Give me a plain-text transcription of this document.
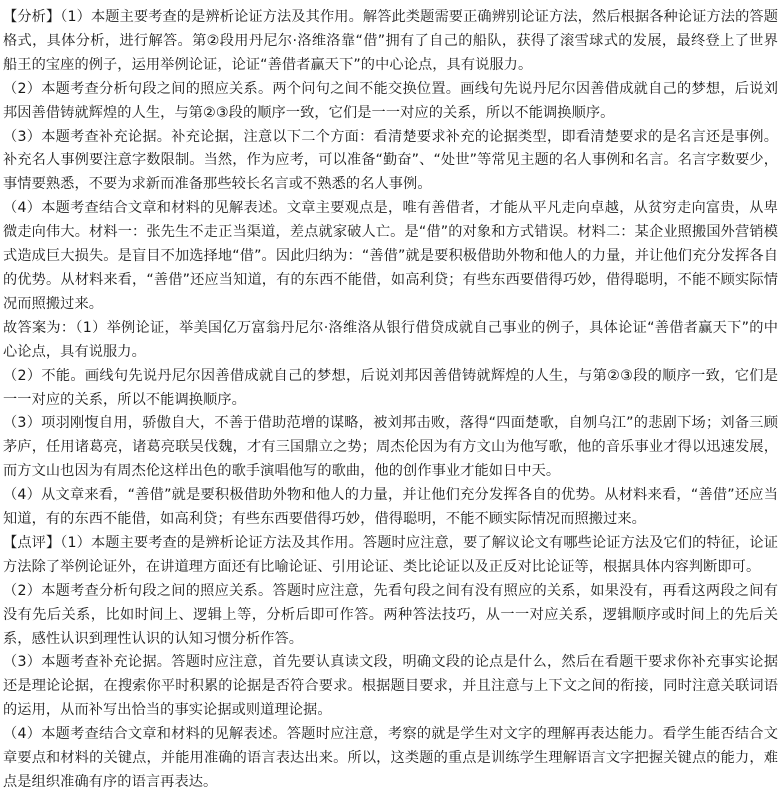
【分析】（1）本题主要考查的是辨析论证方法及其作用。解答此类题需要正确辨别论证方法，然后根据各种论证方法的答题格式，具体分析，进行解答。第②段用丹尼尔·洛维洛靠“借”拥有了自己的船队，获得了滚雪球式的发展，最终登上了世界船王的宝座的例子，运用举例论证，论证“善借者赢天下”的中心论点，具有说服力。

（2）本题考查分析句段之间的照应关系。两个问句之间不能交换位置。画线句先说丹尼尔因善借成就自己的梦想，后说刘邦因善借铸就辉煌的人生，与第②③段的顺序一致，它们是一一对应的关系，所以不能调换顺序。

（3）本题考查补充论据。补充论据，注意以下二个方面：看清楚要求补充的论据类型，即看清楚要求的是名言还是事例。补充名人事例要注意字数限制。当然，作为应考，可以准备“勤奋”、“处世”等常见主题的名人事例和名言。名言字数要少，事情要熟悉，不要为求新而准备那些较长名言或不熟悉的名人事例。

（4）本题考查结合文章和材料的见解表述。文章主要观点是，唯有善借者，才能从平凡走向卓越，从贫穷走向富贵，从卑微走向伟大。材料一：张先生不走正当渠道，差点就家破人亡。是“借”的对象和方式错误。材料二：某企业照搬国外营销模式造成巨大损失。是盲目不加选择地“借”。因此归纳为：“善借”就是要积极借助外物和他人的力量，并让他们充分发挥各自的优势。从材料来看，“善借”还应当知道，有的东西不能借，如高利贷；有些东西要借得巧妙，借得聪明，不能不顾实际情况而照搬过来。

故答案为：（1）举例论证，举美国亿万富翁丹尼尔·洛维洛从银行借贷成就自己事业的例子，具体论证“善借者赢天下”的中心论点，具有说服力。

（2）不能。画线句先说丹尼尔因善借成就自己的梦想，后说刘邦因善借铸就辉煌的人生，与第②③段的顺序一致，它们是一一对应的关系，所以不能调换顺序。

（3）项羽刚愎自用，骄傲自大，不善于借助范增的谋略，被刘邦击败，落得“四面楚歌，自刎乌江”的悲剧下场；刘备三顾茅庐，任用诸葛亮，诸葛亮联吴伐魏，才有三国鼎立之势；周杰伦因为有方文山为他写歌，他的音乐事业才得以迅速发展，而方文山也因为有周杰伦这样出色的歌手演唱他写的歌曲，他的创作事业才能如日中天。

（4）从文章来看，“善借”就是要积极借助外物和他人的力量，并让他们充分发挥各自的优势。从材料来看，“善借”还应当知道，有的东西不能借，如高利贷；有些东西要借得巧妙，借得聪明，不能不顾实际情况而照搬过来。

【点评】（1）本题主要考查的是辨析论证方法及其作用。答题时应注意，要了解议论文有哪些论证方法及它们的特征，论证方法除了举例论证外，在讲道理方面还有比喻论证、引用论证、类比论证以及正反对比论证等，根据具体内容判断即可。

（2）本题考查分析句段之间的照应关系。答题时应注意，先看句段之间有没有照应的关系，如果没有，再看这两段之间有没有先后关系，比如时间上、逻辑上等，分析后即可作答。两种答法技巧，从一一对应关系，逻辑顺序或时间上的先后关系，感性认识到理性认识的认知习惯分析作答。

（3）本题考查补充论据。答题时应注意，首先要认真读文段，明确文段的论点是什么，然后在看题干要求你补充事实论据还是理论论据，在搜索你平时积累的论据是否符合要求。根据题目要求，并且注意与上下文之间的衔接，同时注意关联词语的运用，从而补写出恰当的事实论据或则道理论据。

（4）本题考查结合文章和材料的见解表述。答题时应注意，考察的就是学生对文字的理解再表达能力。看学生能否结合文章要点和材料的关键点，并能用准确的语言表达出来。所以，这类题的重点是训练学生理解语言文字把握关键点的能力，难点是组织准确有序的语言再表达。
